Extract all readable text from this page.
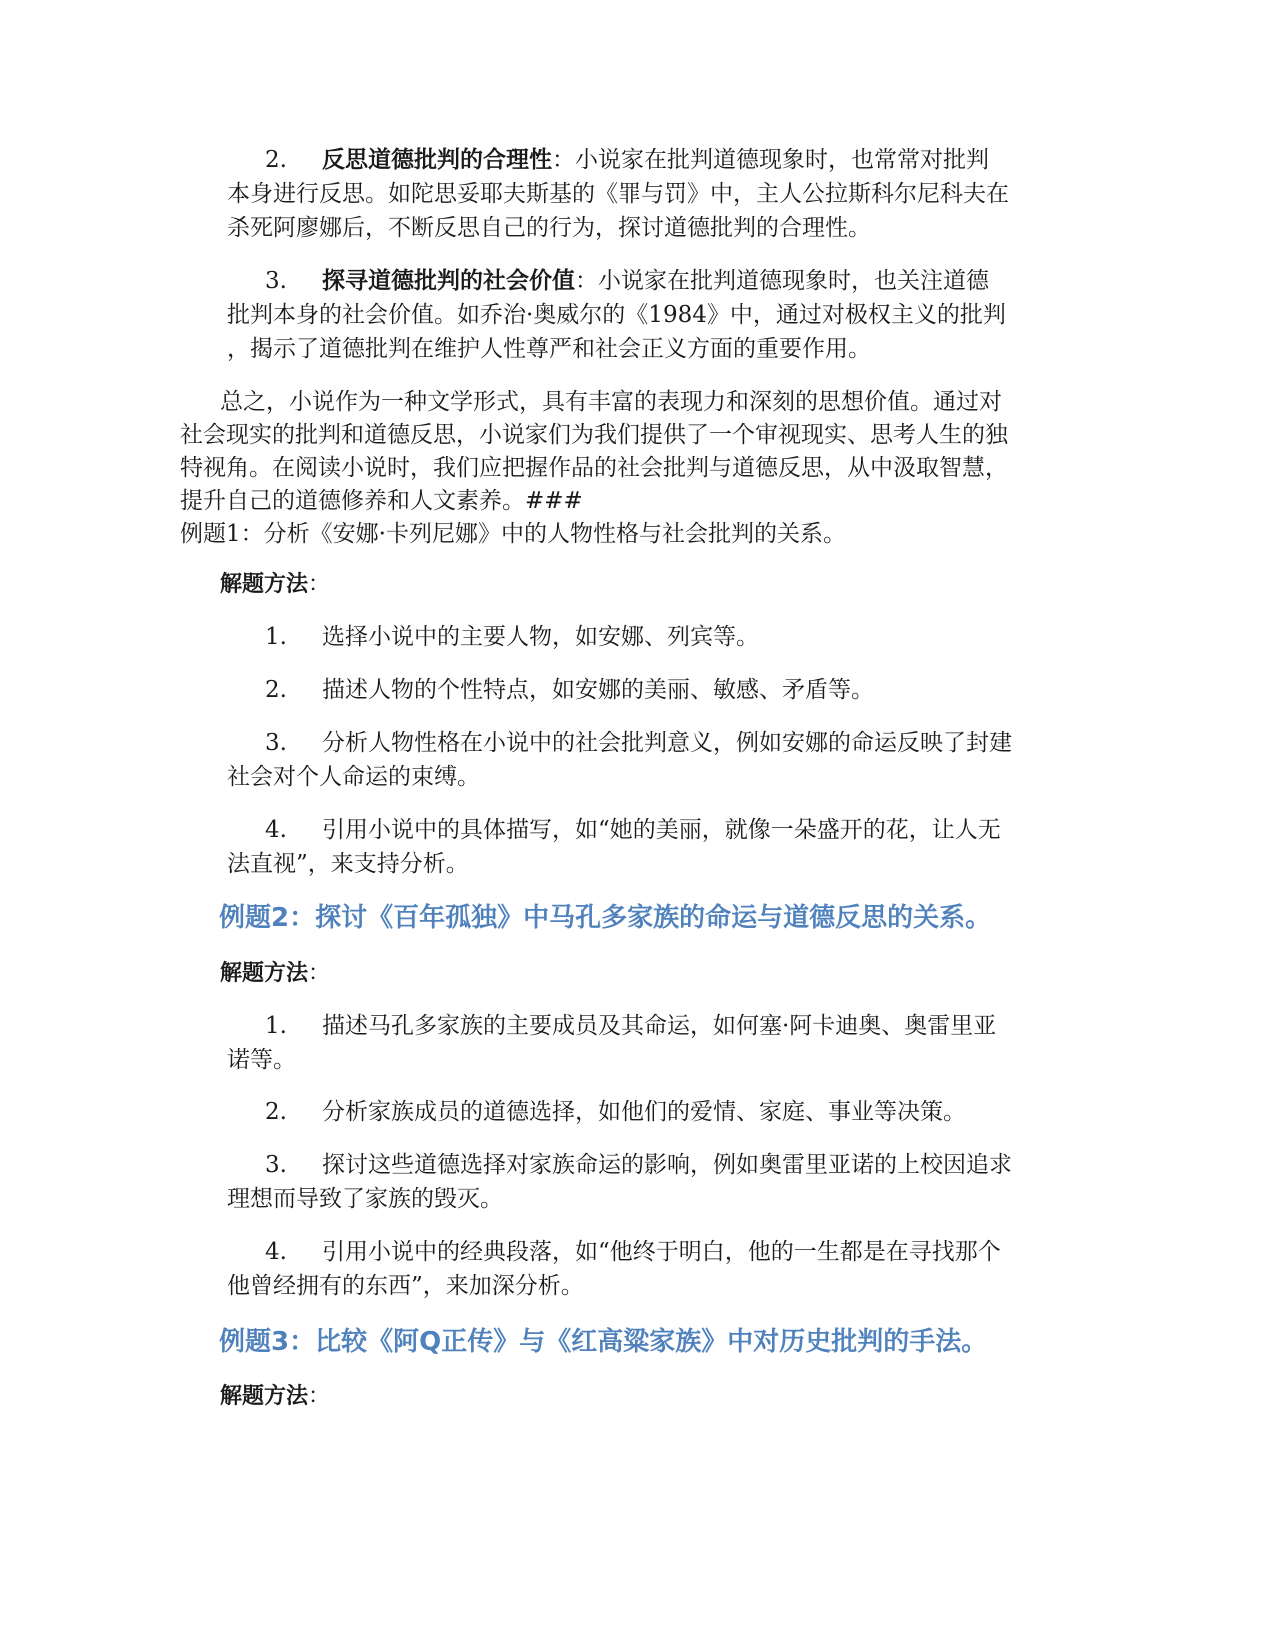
2. 反思道德批判的合理性：小说家在批判道德现象时，也常常对批判
本身进行反思。如陀思妥耶夫斯基的《罪与罚》中，主人公拉斯科尔尼科夫在
杀死阿廖娜后，不断反思自己的行为，探讨道德批判的合理性。
3. 探寻道德批判的社会价值：小说家在批判道德现象时，也关注道德
批判本身的社会价值。如乔治·奥威尔的《1984》中，通过对极权主义的批判
，揭示了道德批判在维护人性尊严和社会正义方面的重要作用。
总之，小说作为一种文学形式，具有丰富的表现力和深刻的思想价值。通过对
社会现实的批判和道德反思，小说家们为我们提供了一个审视现实、思考人生的独
特视角。在阅读小说时，我们应把握作品的社会批判与道德反思，从中汲取智慧，
提升自己的道德修养和人文素养。###
例题1：分析《安娜·卡列尼娜》中的人物性格与社会批判的关系。
解题方法：
1. 选择小说中的主要人物，如安娜、列宾等。
2. 描述人物的个性特点，如安娜的美丽、敏感、矛盾等。
3. 分析人物性格在小说中的社会批判意义，例如安娜的命运反映了封建
社会对个人命运的束缚。
4. 引用小说中的具体描写，如“她的美丽，就像一朵盛开的花，让人无
法直视”，来支持分析。
例题2：探讨《百年孤独》中马孔多家族的命运与道德反思的关系。
解题方法：
1. 描述马孔多家族的主要成员及其命运，如何塞·阿卡迪奥、奥雷里亚
诺等。
2. 分析家族成员的道德选择，如他们的爱情、家庭、事业等决策。
3. 探讨这些道德选择对家族命运的影响，例如奥雷里亚诺的上校因追求
理想而导致了家族的毁灭。
4. 引用小说中的经典段落，如“他终于明白，他的一生都是在寻找那个
他曾经拥有的东西”，来加深分析。
例题3：比较《阿Q正传》与《红高粱家族》中对历史批判的手法。
解题方法：
